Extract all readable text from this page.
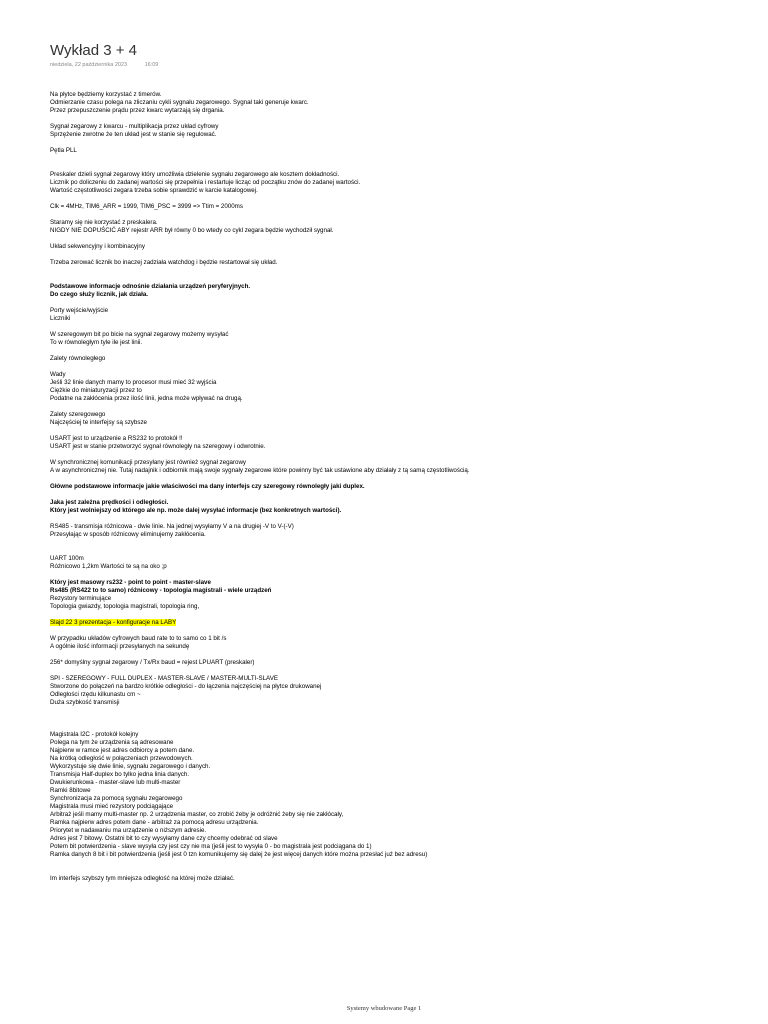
Wykład 3 + 4
niedziela, 22 października 2023	16:09
Na płytce będziemy korzystać z timerów.
Odmierzanie czasu polega na zliczaniu cykli sygnału zegarowego. Sygnał taki generuje kwarc.
Przez przepuszczenie prądu przez kwarc wytarzają się drgania.
Sygnał zegarowy z kwarcu - multiplikacja przez układ cyfrowy
Sprzężenie zwrotne że ten układ jest w stanie się regulować.
Pętla PLL
Preskaler dzieli sygnał zegarowy który umożliwia dzielenie sygnału zegarowego ale kosztem dokładności.
Licznik po doliczeniu do zadanej wartości się przepełnia i restartuje licząc od początku znów do zadanej wartości.
Wartość częstotliwości zegara trzeba sobie sprawdzić w karcie katalogowej.
Clk = 4MHz, TIM6_ARR = 1999, TIM6_PSC = 3999 => Ttim = 2000ms
Staramy się nie korzystać z preskalera.
NIGDY NIE DOPUŚCIĆ ABY rejestr ARR był równy 0 bo wtedy co cykl zegara będzie wychodził sygnał.
Układ sekwencyjny i kombinacyjny
Trzeba zerować licznik bo inaczej zadziała watchdog i będzie restartował się układ.
Podstawowe informacje odnośnie działania urządzeń peryferyjnych.
Do czego służy licznik, jak działa.
Porty wejście/wyjście
Liczniki
W szeregowym bit po bicie na sygnał zegarowy możemy wysyłać
To w równoległym tyle ile jest linii.
Zalety równoległego
Wady
Jeśli 32 linie danych mamy to procesor musi mieć 32 wyjścia
Ciężkie do miniaturyzacji przez to
Podatne na zakłócenia przez ilość linii, jedna może wpływać na drugą.
Zalety szeregowego
Najczęściej te interfejsy są szybsze
USART jest to urządzenie a RS232 to protokół !!
USART jest w stanie przetworzyć sygnał równoległy na szeregowy i odwrotnie.
W synchronicznej komunikacji przesyłany jest również sygnał zegarowy
A w asynchronicznej nie. Tutaj nadajnik i odbiornik mają swoje sygnały zegarowe które powinny być tak ustawione aby działały z tą samą częstotliwością.
Główne podstawowe informacje jakie właściwości ma dany interfejs czy szeregowy równoległy jaki duplex.
Jaka jest zależna prędkości i odległości.
Który jest wolniejszy od którego ale np. może dalej wysyłać informacje (bez konkretnych wartości).
RS485 - transmisja różnicowa - dwie linie. Na jednej wysyłamy V a na drugiej -V to V-(-V)
Przesyłając w sposób różnicowy eliminujemy zakłócenia.
UART 100m
Różnicowo 1,2km Wartości te są na oko ;p
Który jest masowy rs232 - point to point - master-slave
Rs485 (RS422 to to samo) różnicowy - topologia magistrali - wiele urządzeń
Rezystory terminujące
Topologia gwiazdy, topologia magistrali, topologia ring,
Slajd 22 3 prezentacja - konfiguracje na LABY
W przypadku układów cyfrowych baud rate to to samo co 1 bit /s
A ogólnie ilość informacji przesyłanych na sekundę
256* domyślny sygnał zegarowy / Tx/Rx baud = rejest LPUART (preskaler)
SPI - SZEREGOWY - FULL DUPLEX - MASTER-SLAVE / MASTER-MULTI-SLAVE
Stworzone do połączeń na bardzo krótkie odległości - do łączenia najczęściej na płytce drukowanej
Odległości rzędu kilkunastu cm ~
Duża szybkość transmisji
Magistrala I2C - protokół kolejny
Polega na tym że urządzenia są adresowane
Najpierw w ramce jest adres odbiorcy a potem dane.
Na krótką odległość w połączeniach przewodowych.
Wykorzystuje się dwie linie, sygnału zegarowego i danych.
Transmisja Half-duplex bo tylko jedna linia danych.
Dwukierunkowa - master-slave lub multi-master
Ramki 8bitowe
Synchronizacja za pomocą sygnału zegarowego
Magistrala musi mieć rezystory podciągające
Arbitraż jeśli mamy multi-master np. 2 urządzenia master, co zrobić żeby je odróżnić żeby się nie zakłócały,
Ramka najpierw adres potem dane - arbitraż za pomocą adresu urządzenia.
Priorytet w nadawaniu ma urządzenie o niższym adresie.
Adres jest 7 bitowy. Ostatni bit to czy wysyłamy dane czy chcemy odebrać od slave
Potem bit potwierdzenia - slave wysyła czy jest czy nie ma (jeśli jest to wysyła 0 - bo magistrala jest podciągana do 1)
Ramka danych 8 bit i bit potwierdzenia (jeśli jest 0 tzn komunikujemy się dalej że jest więcej danych które można przesłać już bez adresu)
Im interfejs szybszy tym mniejsza odległość na której może działać.
Systemy wbudowane Page 1
